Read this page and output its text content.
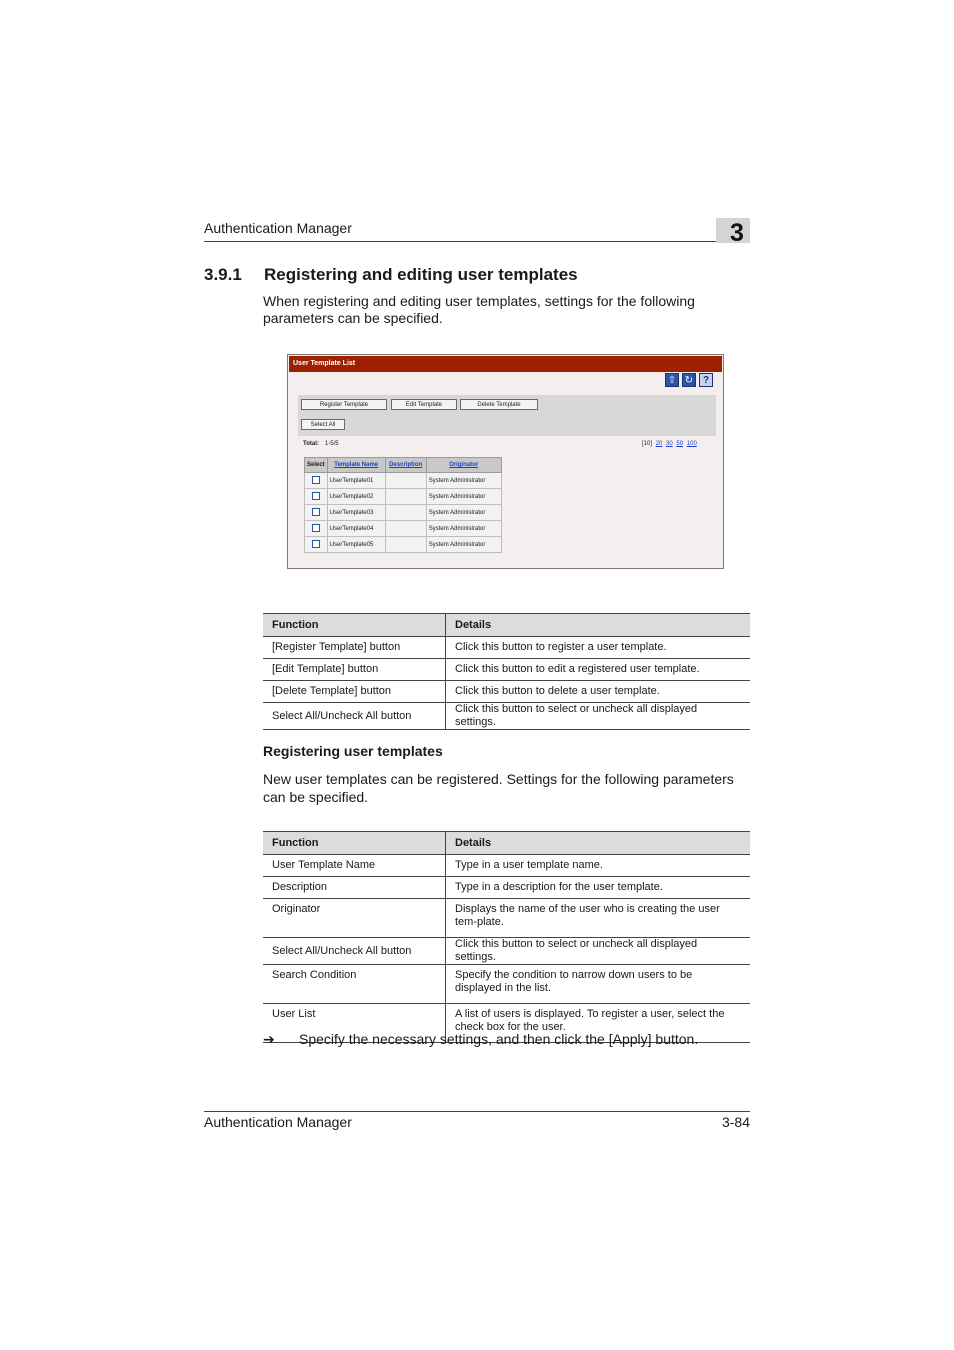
Authentication Manager	3
3.9.1 Registering and editing user templates
When registering and editing user templates, settings for the following parameters can be specified.
User Template List
⇧ ↻ ?
Register Template	Edit Template	Delete Template
Select All
Total: 1-5/5	[10] 20 30 50 100
Select	Template Name	Description	Originator
	UserTemplate01		System Administrator
	UserTemplate02		System Administrator
	UserTemplate03		System Administrator
	UserTemplate04		System Administrator
	UserTemplate05		System Administrator
Function	Details
[Register Template] button	Click this button to register a user template.
[Edit Template] button	Click this button to edit a registered user template.
[Delete Template] button	Click this button to delete a user template.
Select All/Uncheck All button	Click this button to select or uncheck all displayed settings.
Registering user templates
New user templates can be registered. Settings for the following parameters can be specified.
Function	Details
User Template Name	Type in a user template name.
Description	Type in a description for the user template.
Originator	Displays the name of the user who is creating the user tem-plate.
Select All/Uncheck All button	Click this button to select or uncheck all displayed settings.
Search Condition	Specify the condition to narrow down users to be displayed in the list.
User List	A list of users is displayed. To register a user, select the check box for the user.
➔ Specify the necessary settings, and then click the [Apply] button.
Authentication Manager	3-84
